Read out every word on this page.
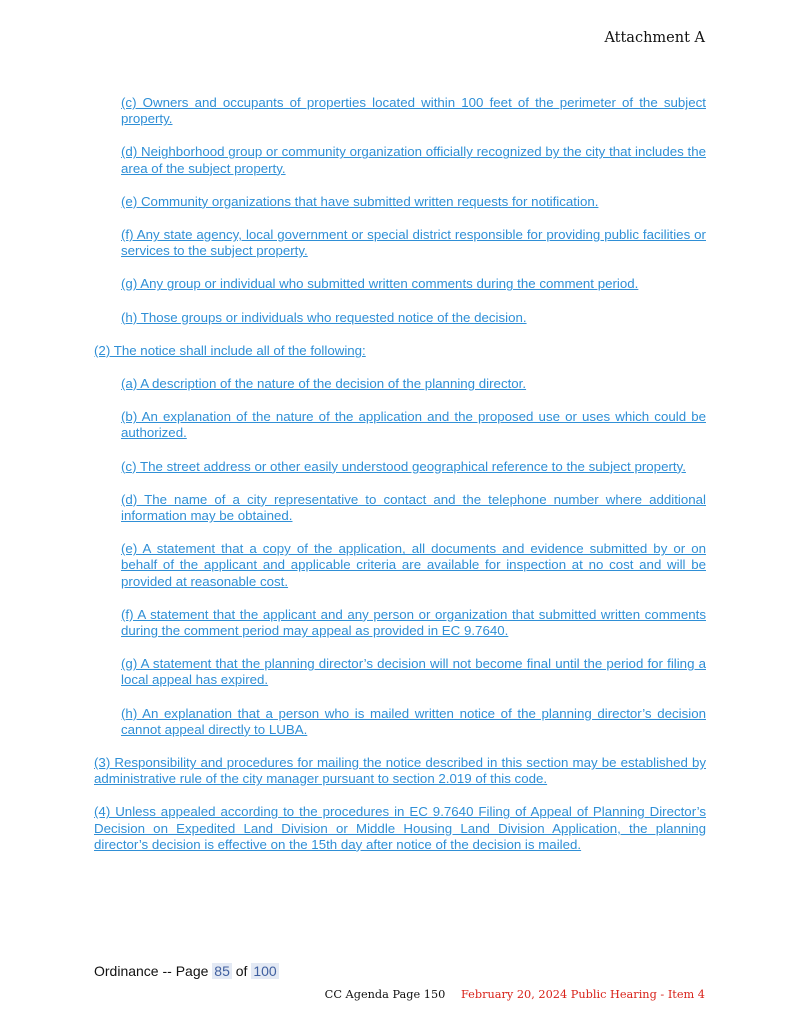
Attachment A

(c) Owners and occupants of properties located within 100 feet of the perimeter of the subject property.

(d) Neighborhood group or community organization officially recognized by the city that includes the area of the subject property.

(e) Community organizations that have submitted written requests for notification.

(f) Any state agency, local government or special district responsible for providing public facilities or services to the subject property.

(g) Any group or individual who submitted written comments during the comment period.

(h) Those groups or individuals who requested notice of the decision.

(2) The notice shall include all of the following:

(a) A description of the nature of the decision of the planning director.

(b) An explanation of the nature of the application and the proposed use or uses which could be authorized.

(c) The street address or other easily understood geographical reference to the subject property.

(d) The name of a city representative to contact and the telephone number where additional information may be obtained.

(e) A statement that a copy of the application, all documents and evidence submitted by or on behalf of the applicant and applicable criteria are available for inspection at no cost and will be provided at reasonable cost.

(f) A statement that the applicant and any person or organization that submitted written comments during the comment period may appeal as provided in EC 9.7640.

(g) A statement that the planning director’s decision will not become final until the period for filing a local appeal has expired.

(h) An explanation that a person who is mailed written notice of the planning director’s decision cannot appeal directly to LUBA.

(3) Responsibility and procedures for mailing the notice described in this section may be established by administrative rule of the city manager pursuant to section 2.019 of this code.

(4) Unless appealed according to the procedures in EC 9.7640 Filing of Appeal of Planning Director’s Decision on Expedited Land Division or Middle Housing Land Division Application, the planning director’s decision is effective on the 15th day after notice of the decision is mailed.

Ordinance -- Page 85 of 100
CC Agenda Page 150 February 20, 2024 Public Hearing - Item 4
